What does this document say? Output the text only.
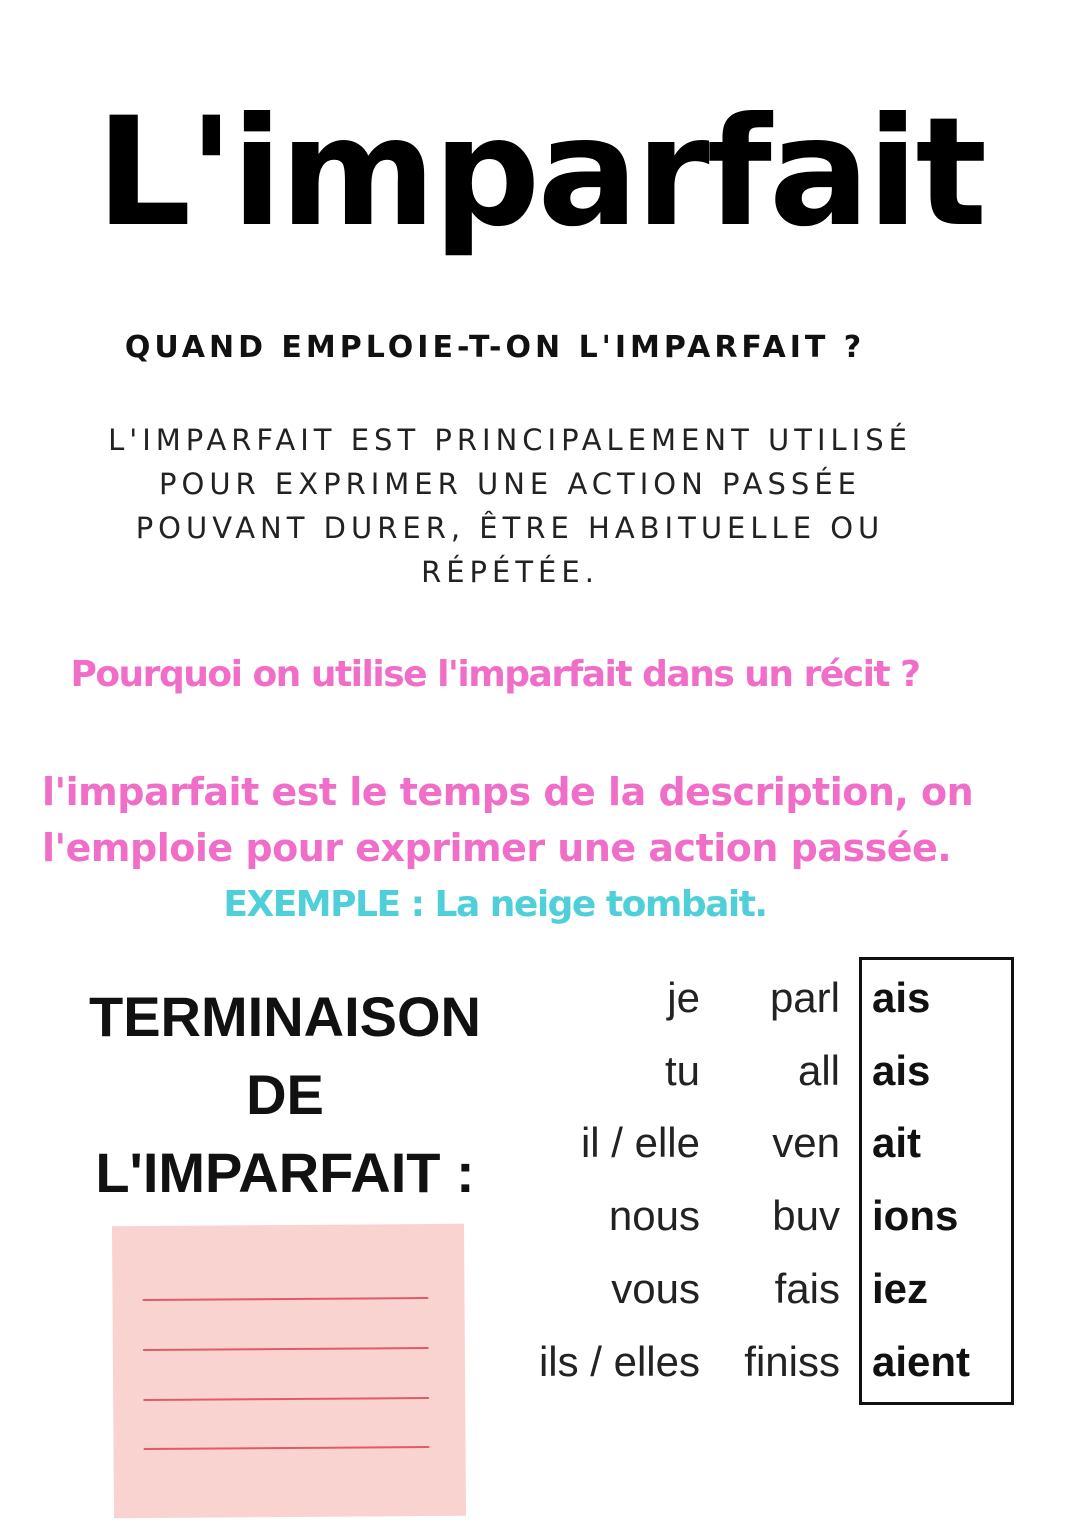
L'imparfait
QUAND EMPLOIE-T-ON L'IMPARFAIT ?
L'IMPARFAIT EST PRINCIPALEMENT UTILISÉ
POUR EXPRIMER UNE ACTION PASSÉE
POUVANT DURER, ÊTRE HABITUELLE OU
RÉPÉTÉE.
Pourquoi on utilise l'imparfait dans un récit ?
l'imparfait est le temps de la description, on
l'emploie pour exprimer une action passée.
EXEMPLE : La neige tombait.
TERMINAISON
DE
L'IMPARFAIT :
je parl ais
tu all ais
il / elle ven ait
nous buv ions
vous fais iez
ils / elles finiss aient
